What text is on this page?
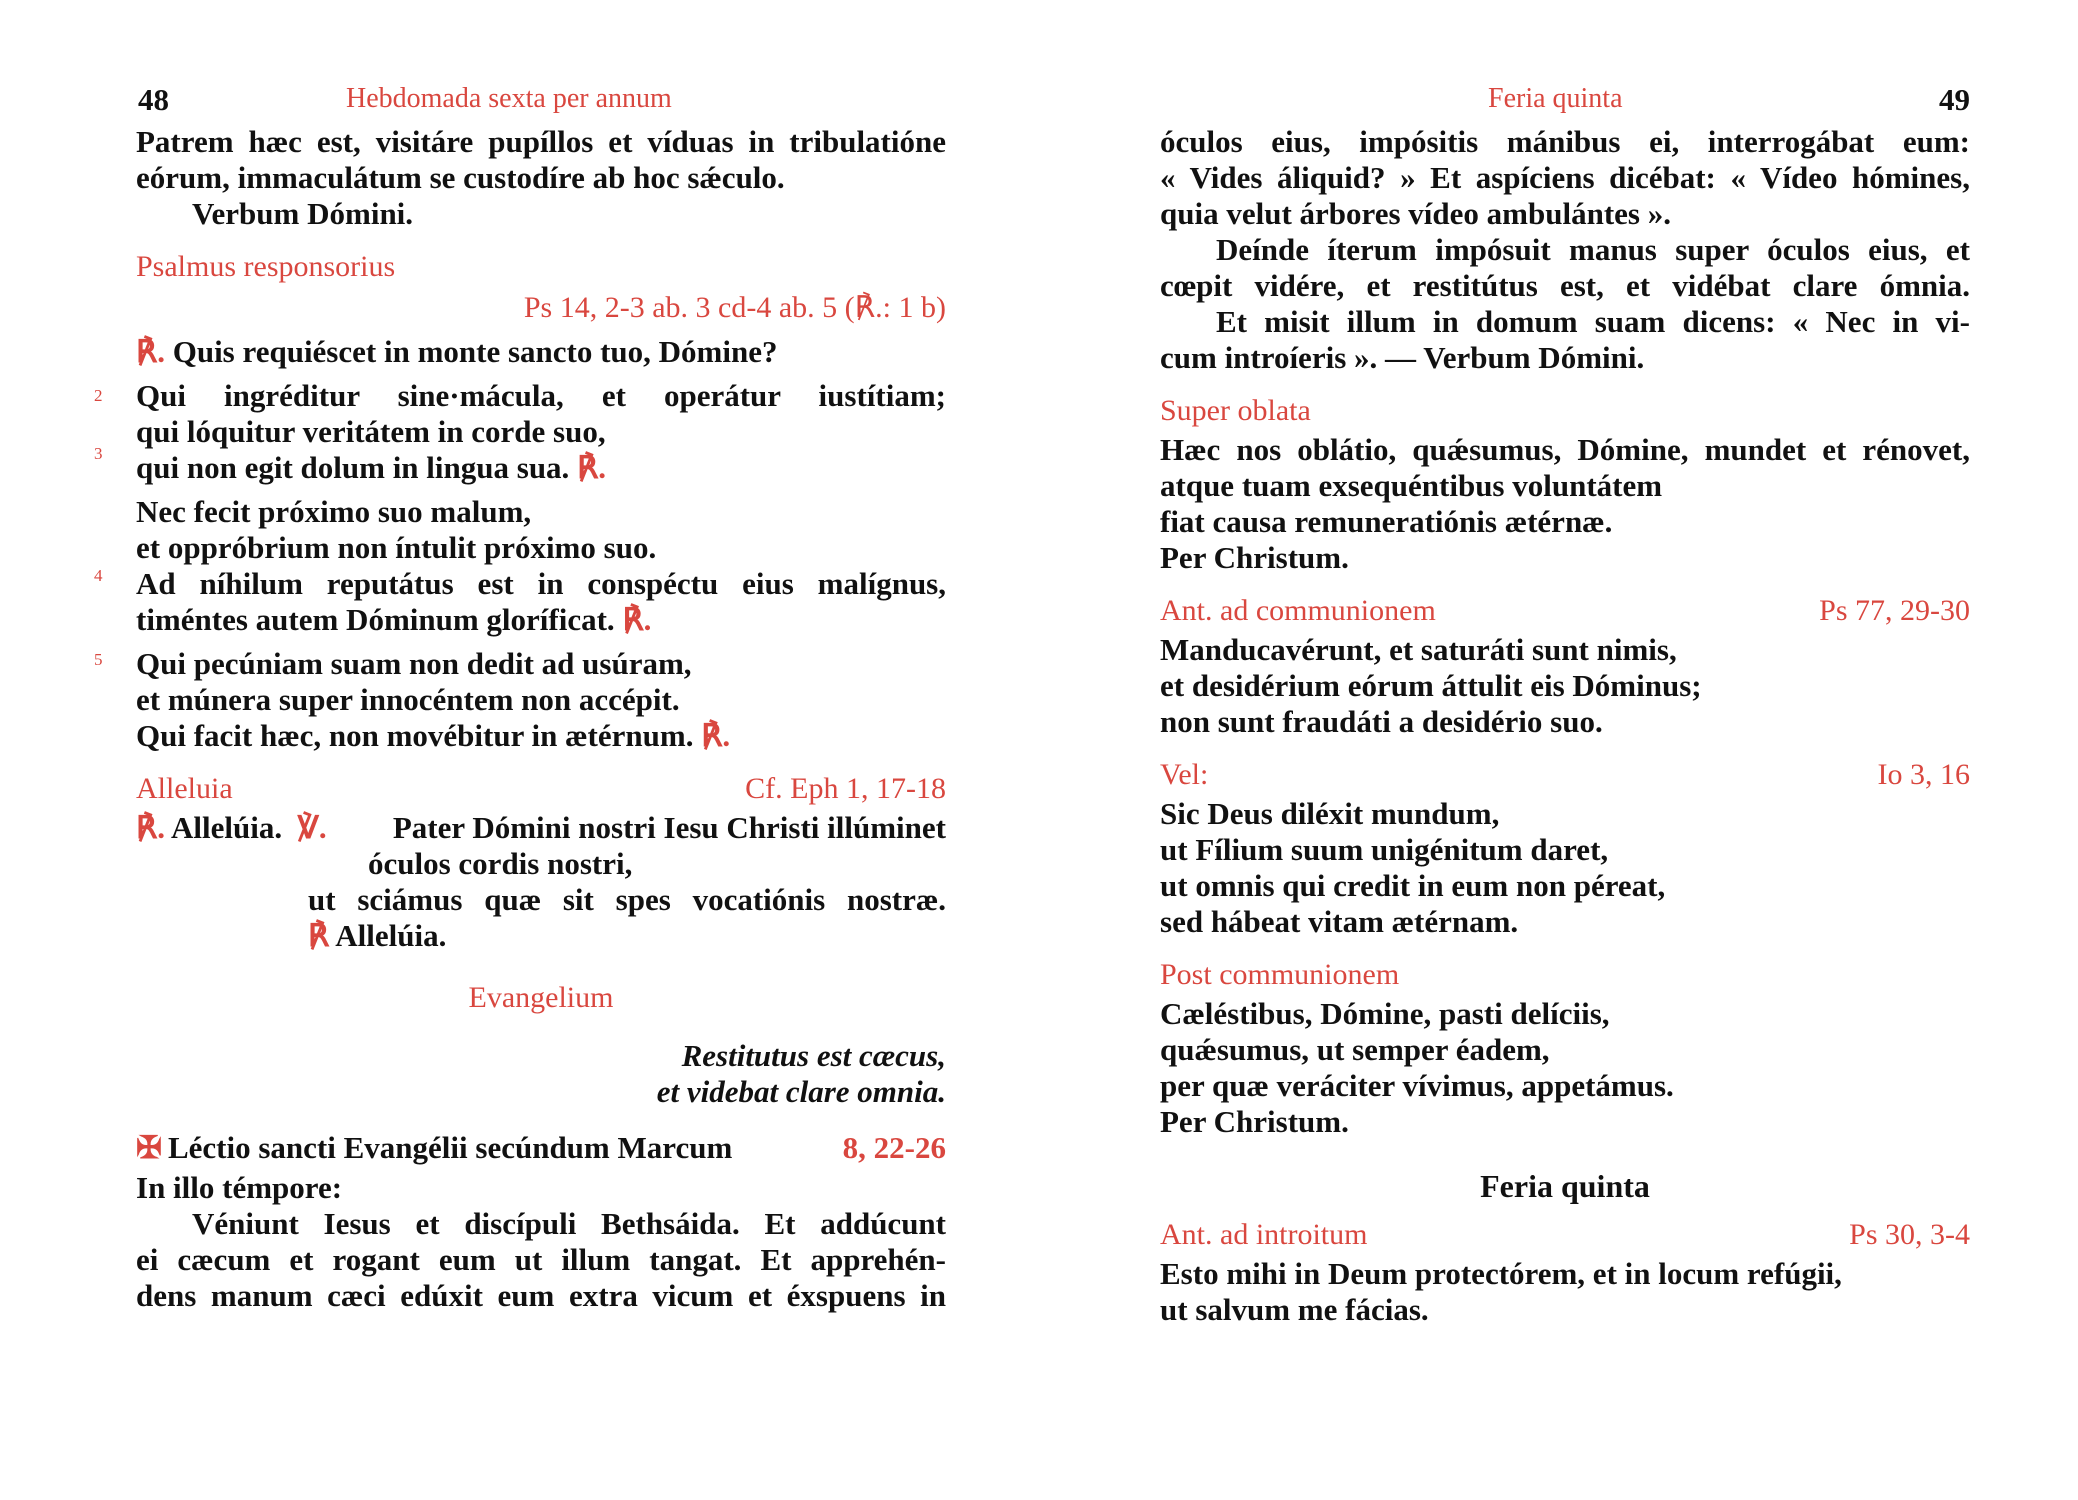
48	Hebdomada sexta per annum
Patrem hæc est, visitáre pupíllos et víduas in tribulatióne
eórum, immaculátum se custodíre ab hoc sǽculo.
Verbum Dómini.
Psalmus responsorius
Ps 14, 2-3 ab. 3 cd-4 ab. 5 (℟.: 1 b)
℟. Quis requiéscet in monte sancto tuo, Dómine?
2 Qui ingréditur sine·mácula, et operátur iustítiam;
qui lóquitur veritátem in corde suo,
3 qui non egit dolum in lingua sua. ℟.
Nec fecit próximo suo malum,
et oppróbrium non íntulit próximo suo.
4 Ad níhilum reputátus est in conspéctu eius malígnus,
timéntes autem Dóminum gloríficat. ℟.
5 Qui pecúniam suam non dedit ad usúram,
et múnera super innocéntem non accépit.
Qui facit hæc, non movébitur in ætérnum. ℟.
Alleluia	Cf. Eph 1, 17-18
℟. Allelúia. ℣.	Pater Dómini nostri Iesu Christi illúminet
óculos cordis nostri,
ut sciámus quæ sit spes vocatiónis nostræ.
℟ Allelúia.
Evangelium
Restitutus est cæcus,
et videbat clare omnia.
✠ Léctio sancti Evangélii secúndum Marcum	8, 22-26
In illo témpore:
Véniunt Iesus et discípuli Bethsáida. Et addúcunt
ei cæcum et rogant eum ut illum tangat. Et apprehén-
dens manum cæci edúxit eum extra vicum et éxspuens in
Feria quinta	49
óculos eius, impósitis mánibus ei, interrogábat eum:
« Vides áliquid? » Et aspíciens dicébat: « Vídeo hómines,
quia velut árbores vídeo ambulántes ».
Deínde íterum impósuit manus super óculos eius, et
cœpit vidére, et restitútus est, et vidébat clare ómnia.
Et misit illum in domum suam dicens: « Nec in vi-
cum introíeris ». — Verbum Dómini.
Super oblata
Hæc nos oblátio, quǽsumus, Dómine, mundet et rénovet,
atque tuam exsequéntibus voluntátem
fiat causa remuneratiónis ætérnæ.
Per Christum.
Ant. ad communionem	Ps 77, 29-30
Manducavérunt, et saturáti sunt nimis,
et desidérium eórum áttulit eis Dóminus;
non sunt fraudáti a desidério suo.
Vel:	Io 3, 16
Sic Deus diléxit mundum,
ut Fílium suum unigénitum daret,
ut omnis qui credit in eum non péreat,
sed hábeat vitam ætérnam.
Post communionem
Cæléstibus, Dómine, pasti delíciis,
quǽsumus, ut semper éadem,
per quæ veráciter vívimus, appetámus.
Per Christum.
Feria quinta
Ant. ad introitum	Ps 30, 3-4
Esto mihi in Deum protectórem, et in locum refúgii,
ut salvum me fácias.
